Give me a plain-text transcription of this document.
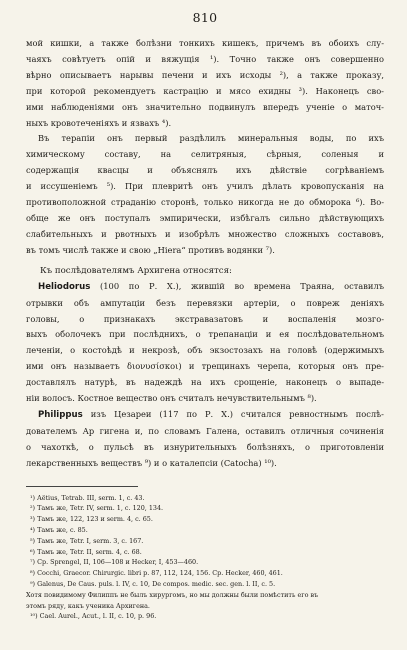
810
мой кишки, а также болѣзни тонкихъ кишекъ, причемъ въ обоихъ слу-
чаяхъ совѣтуетъ опій и вяжущія ¹). Точно также онъ совершенно
вѣрно описываетъ нарывы печени и ихъ исходы ²), а также проказу,
при которой рекомендуетъ кастрацію и мясо ехидны ³). Наконецъ сво-
ими наблюденіями онъ значительно подвинулъ впередъ ученіе о маточ-
ныхъ кровотеченіяхъ и язвахъ ⁴).
Въ терапіи онъ первый раздѣлилъ минеральныя воды, по ихъ
химическому составу, на селитряныя, сѣрныя, соленыя и
содержащія квасцы и объяснялъ ихъ дѣйствіе согрѣваніемъ
и иссушеніемъ ⁵). При плевритѣ онъ училъ дѣлать кровопусканія на
противоположной страданію сторонѣ, только никогда не до обморока ⁶). Во-
обще же онъ поступалъ эмпирически, избѣгалъ сильно дѣйствующихъ
слабительныхъ и рвотныхъ и изобрѣлъ множество сложныхъ составовъ,
въ томъ числѣ также и свою „Hiera“ противъ водянки ⁷).
Къ послѣдователямъ Архигена относятся:
Heliodorus (100 по Р. Х.), жившій во времена Траяна, оставилъ
отрывки объ ампутаціи безъ перевязки артеріи, о повреж деніяхъ
головы, о признакахъ экстравазатовъ и воспаленія мозго-
выхъ оболочекъ при послѣднихъ, о трепанаціи и ея послѣдовательномъ
леченіи, о костоѣдѣ и некрозѣ, объ экзостозахъ на головѣ (одержимыхъ
ими онъ называетъ διονυσίσκοι) и трещинахъ черепа, которыя онъ пре-
доставлялъ натурѣ, въ надеждѣ на ихъ срощеніе, наконецъ о выпаде-
ніи волосъ. Костное вещество онъ считалъ нечувствительнымъ ⁸).
Philippus изъ Цезареи (117 по Р. Х.) считался ревностнымъ послѣ-
дователемъ Ар гигена и, по словамъ Галена, оставилъ отличныя сочиненія
о чахоткѣ, о пульсѣ въ изнурительныхъ болѣзняхъ, о приготовленіи
лекарственныхъ веществъ ⁹) и о каталепсіи (Catocha) ¹⁰).
¹) Aëtius, Tetrab. III, serm. 1, c. 43.
²) Тамъ же, Tetr. IV, serm. 1, c. 120, 134.
³) Тамъ же, 122, 123 и serm. 4, c. 65.
⁴) Тамъ же, c. 85.
⁵) Тамъ же, Tetr. I, serm. 3, c. 167.
⁶) Тамъ же, Tetr. II, serm. 4, c. 68.
⁷) Ср. Sprengel, II, 106—108 и Hecker, I, 453—460.
⁸) Cocchi, Graecor. Chirurgic. libri p. 87, 112, 124, 156. Cp. Hecker, 460, 461.
⁹) Galenus, De Caus. puls. l. IV, c. 10, De compos. medic. sec. gen. l. II, c. 5.
Хотя повидимому Филиппъ не былъ хирургомъ, но мы должны были помѣстить его въ
этомъ ряду, какъ ученика Архигена.
¹⁰) Cael. Aurel., Acut., l. II, c. 10, p. 96.
